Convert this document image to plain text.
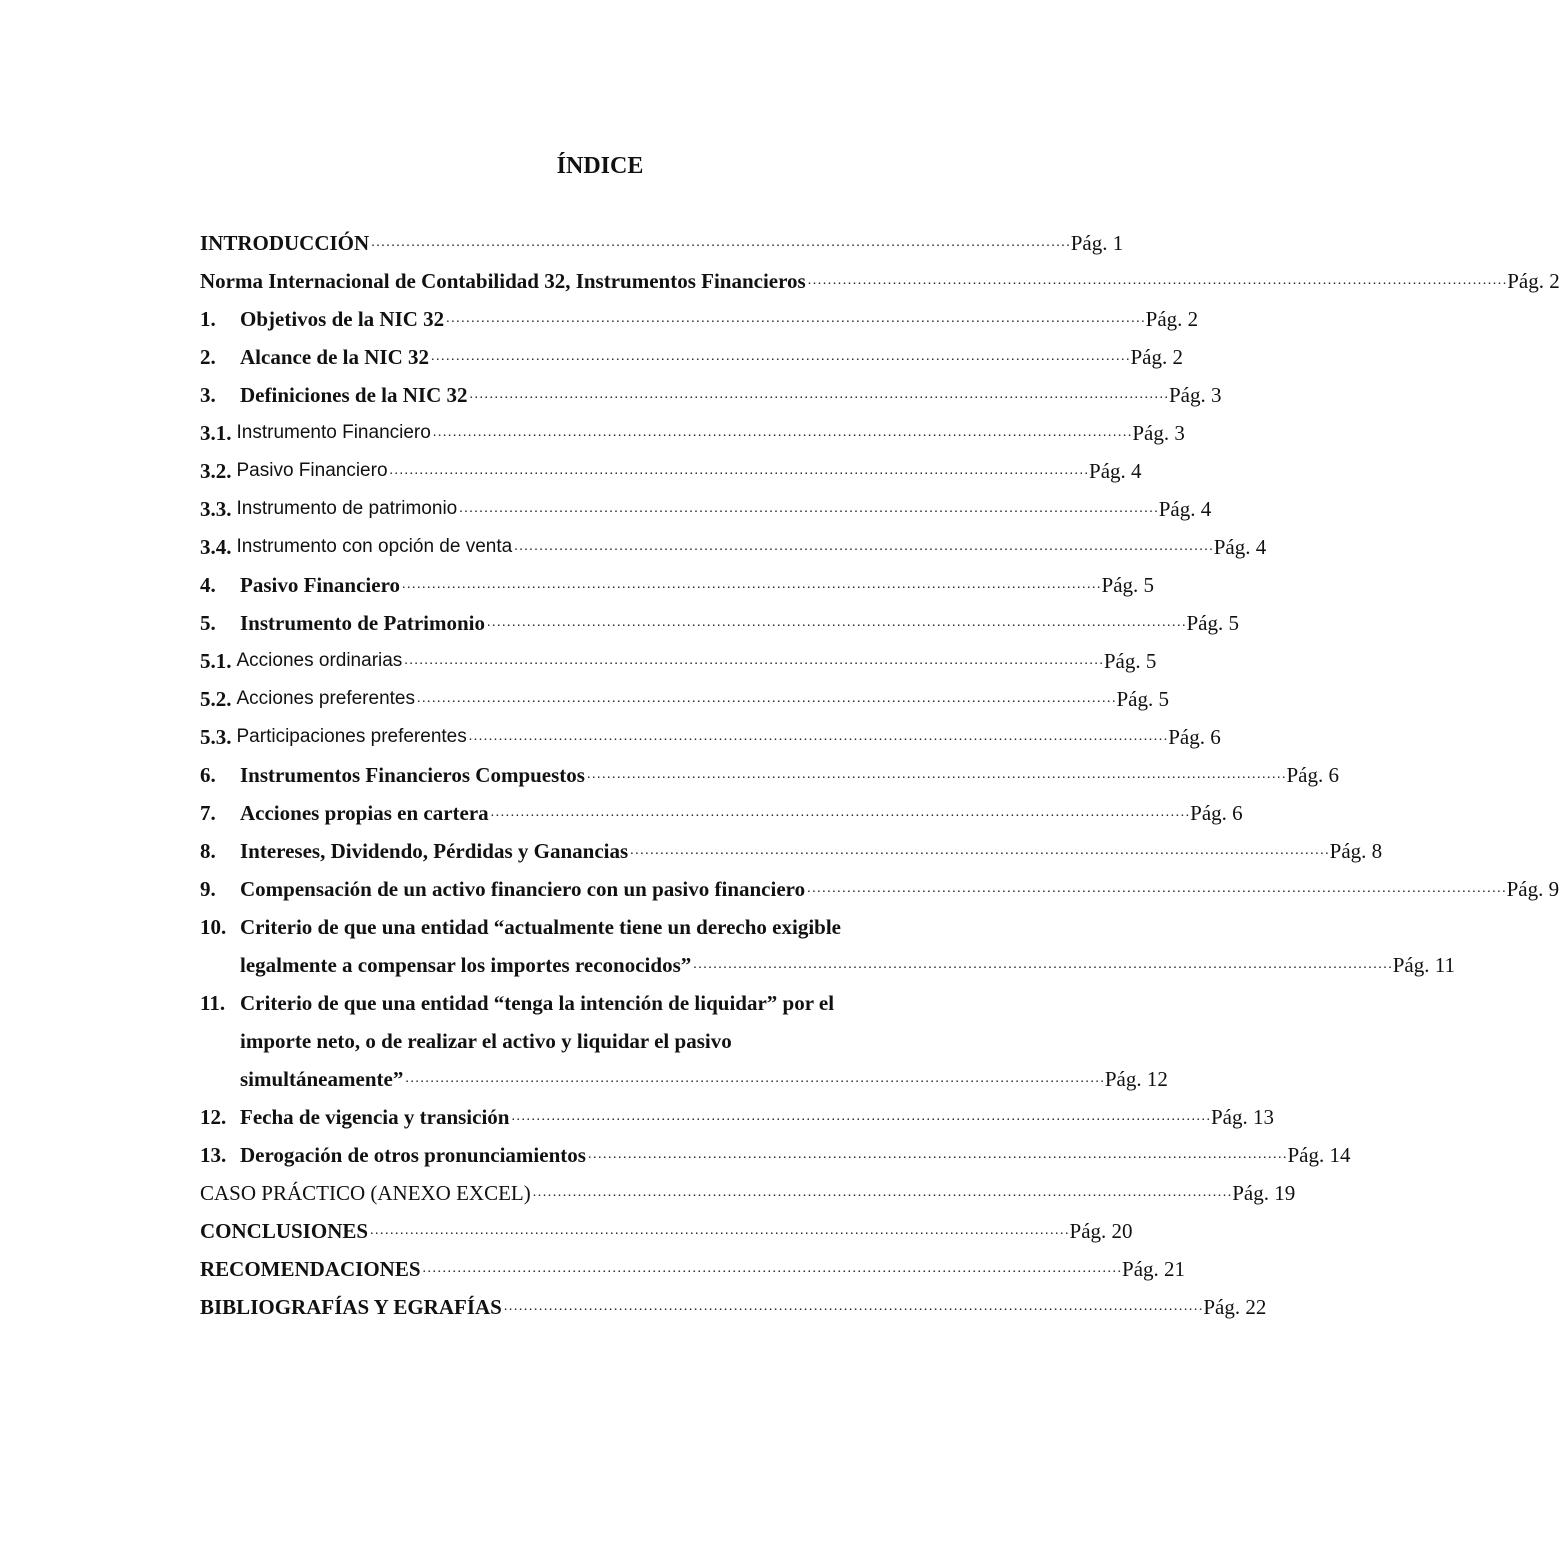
ÍNDICE
INTRODUCCIÓN . . .	Pág. 1
Norma Internacional de Contabilidad 32, Instrumentos Financieros . . .	Pág. 2
1.	Objetivos de la NIC 32 . . .	Pág. 2
2.	Alcance de la NIC 32 . . .	Pág. 2
3.	Definiciones de la NIC 32 . . .	Pág. 3
3.1. Instrumento Financiero . . .	Pág. 3
3.2. Pasivo Financiero . . .	Pág. 4
3.3. Instrumento de patrimonio . . .	Pág. 4
3.4. Instrumento con opción de venta . . .	Pág. 4
4.	Pasivo Financiero . . .	Pág. 5
5.	Instrumento de Patrimonio . . .	Pág. 5
5.1. Acciones ordinarias . . .	Pág. 5
5.2. Acciones preferentes . . .	Pág. 5
5.3. Participaciones preferentes . . .	Pág. 6
6.	Instrumentos Financieros Compuestos . . .	Pág. 6
7.	Acciones propias en cartera . . .	Pág. 6
8.	Intereses, Dividendo, Pérdidas y Ganancias . . .	Pág. 8
9.	Compensación de un activo financiero con un pasivo financiero . . .	Pág. 9
10. Criterio de que una entidad “actualmente tiene un derecho exigible
legalmente a compensar los importes reconocidos” . . .	Pág. 11
11. Criterio de que una entidad “tenga la intención de liquidar” por el
importe neto, o de realizar el activo y liquidar el pasivo
simultáneamente” . . .	Pág. 12
12. Fecha de vigencia y transición . . .	Pág. 13
13. Derogación de otros pronunciamientos . . .	Pág. 14
CASO PRÁCTICO (ANEXO EXCEL) . . .	Pág. 19
CONCLUSIONES . . .	Pág. 20
RECOMENDACIONES . . .	Pág. 21
BIBLIOGRAFÍAS Y EGRAFÍAS . . .	Pág. 22
